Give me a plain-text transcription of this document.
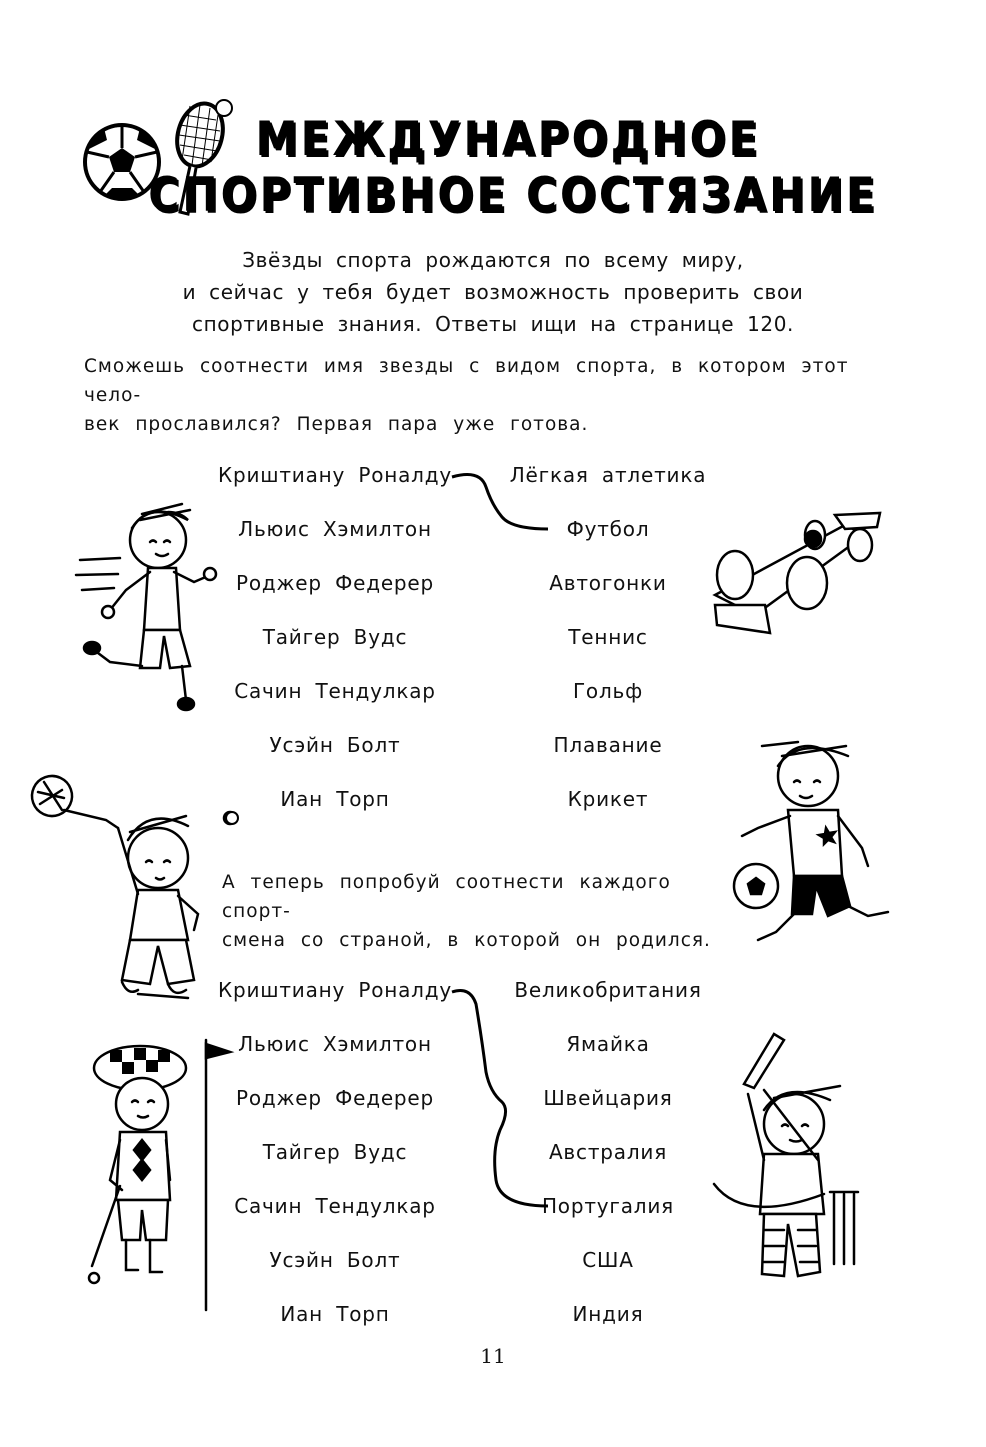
МЕЖДУНАРОДНОЕ
СПОРТИВНОЕ СОСТЯЗАНИЕ
Звёзды спорта рождаются по всему миру,
и сейчас у тебя будет возможность проверить свои
спортивные знания. Ответы ищи на странице 120.
Сможешь соотнести имя звезды с видом спорта, в котором этот чело-
век прославился? Первая пара уже готова.
Криштиану Роналду
Льюис Хэмилтон
Роджер Федерер
Тайгер Вудс
Сачин Тендулкар
Усэйн Болт
Иан Торп
Лёгкая атлетика
Футбол
Автогонки
Теннис
Гольф
Плавание
Крикет
А теперь попробуй соотнести каждого спорт-
смена со страной, в которой он родился.
Криштиану Роналду
Льюис Хэмилтон
Роджер Федерер
Тайгер Вудс
Сачин Тендулкар
Усэйн Болт
Иан Торп
Великобритания
Ямайка
Швейцария
Австралия
Португалия
США
Индия
11
